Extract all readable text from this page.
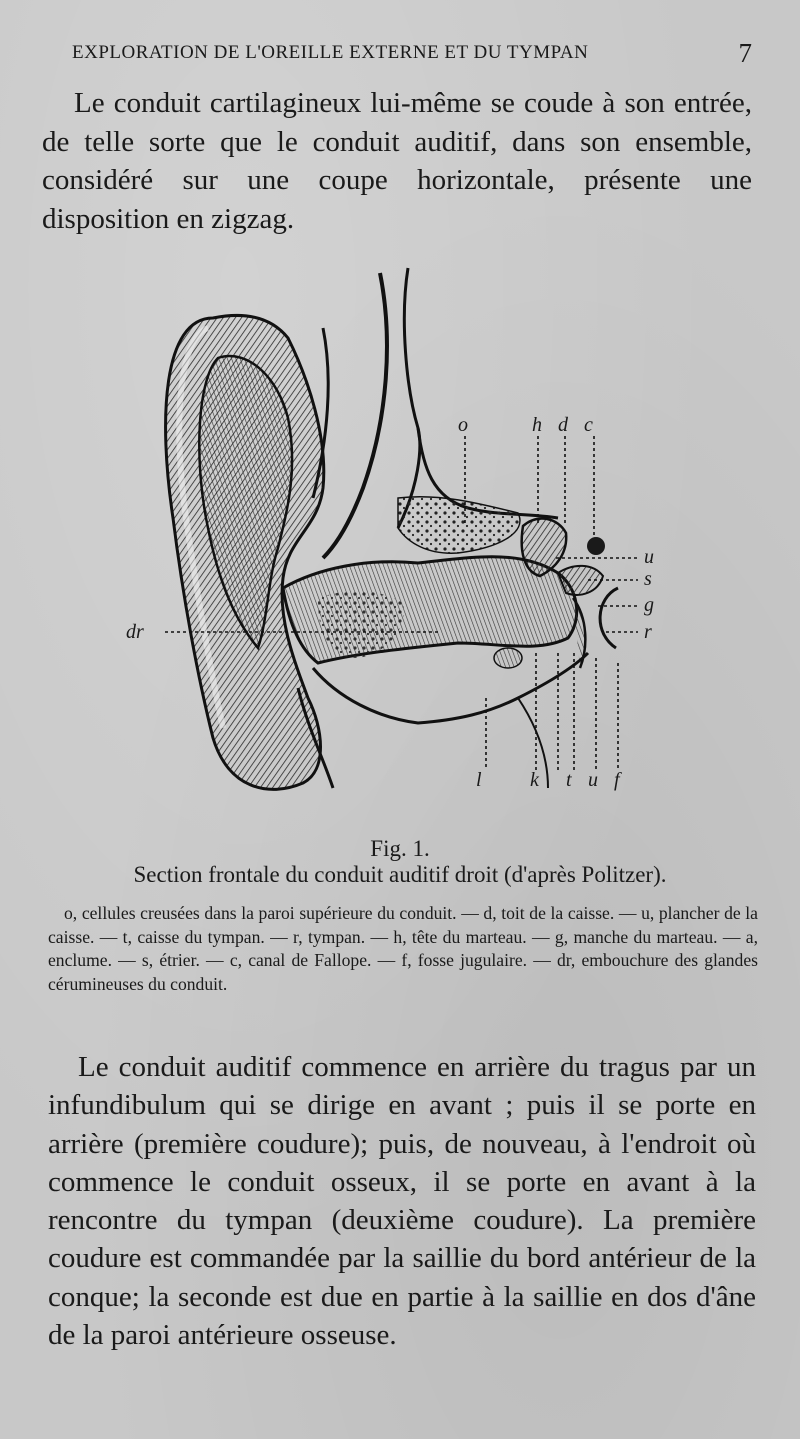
EXPLORATION DE L'OREILLE EXTERNE ET DU TYMPAN	7

Le conduit cartilagineux lui-même se coude à son entrée, de telle sorte que le conduit auditif, dans son ensemble, considéré sur une coupe horizontale, présente une disposition en zigzag.

o	h d c
u
s
g
r
dr
l k t u f
Fig. 1.
Section frontale du conduit auditif droit (d'après Politzer).

o, cellules creusées dans la paroi supérieure du conduit. — d, toit de la caisse. — u, plancher de la caisse. — t, caisse du tympan. — r, tympan. — h, tête du marteau. — g, manche du marteau. — a, enclume. — s, étrier. — c, canal de Fallope. — f, fosse jugulaire. — dr, embouchure des glandes cérumineuses du conduit.

Le conduit auditif commence en arrière du tragus par un infundibulum qui se dirige en avant ; puis il se porte en arrière (première coudure); puis, de nouveau, à l'endroit où commence le conduit osseux, il se porte en avant à la rencontre du tympan (deuxième coudure). La première coudure est commandée par la saillie du bord antérieur de la conque; la seconde est due en partie à la saillie en dos d'âne de la paroi antérieure osseuse.
